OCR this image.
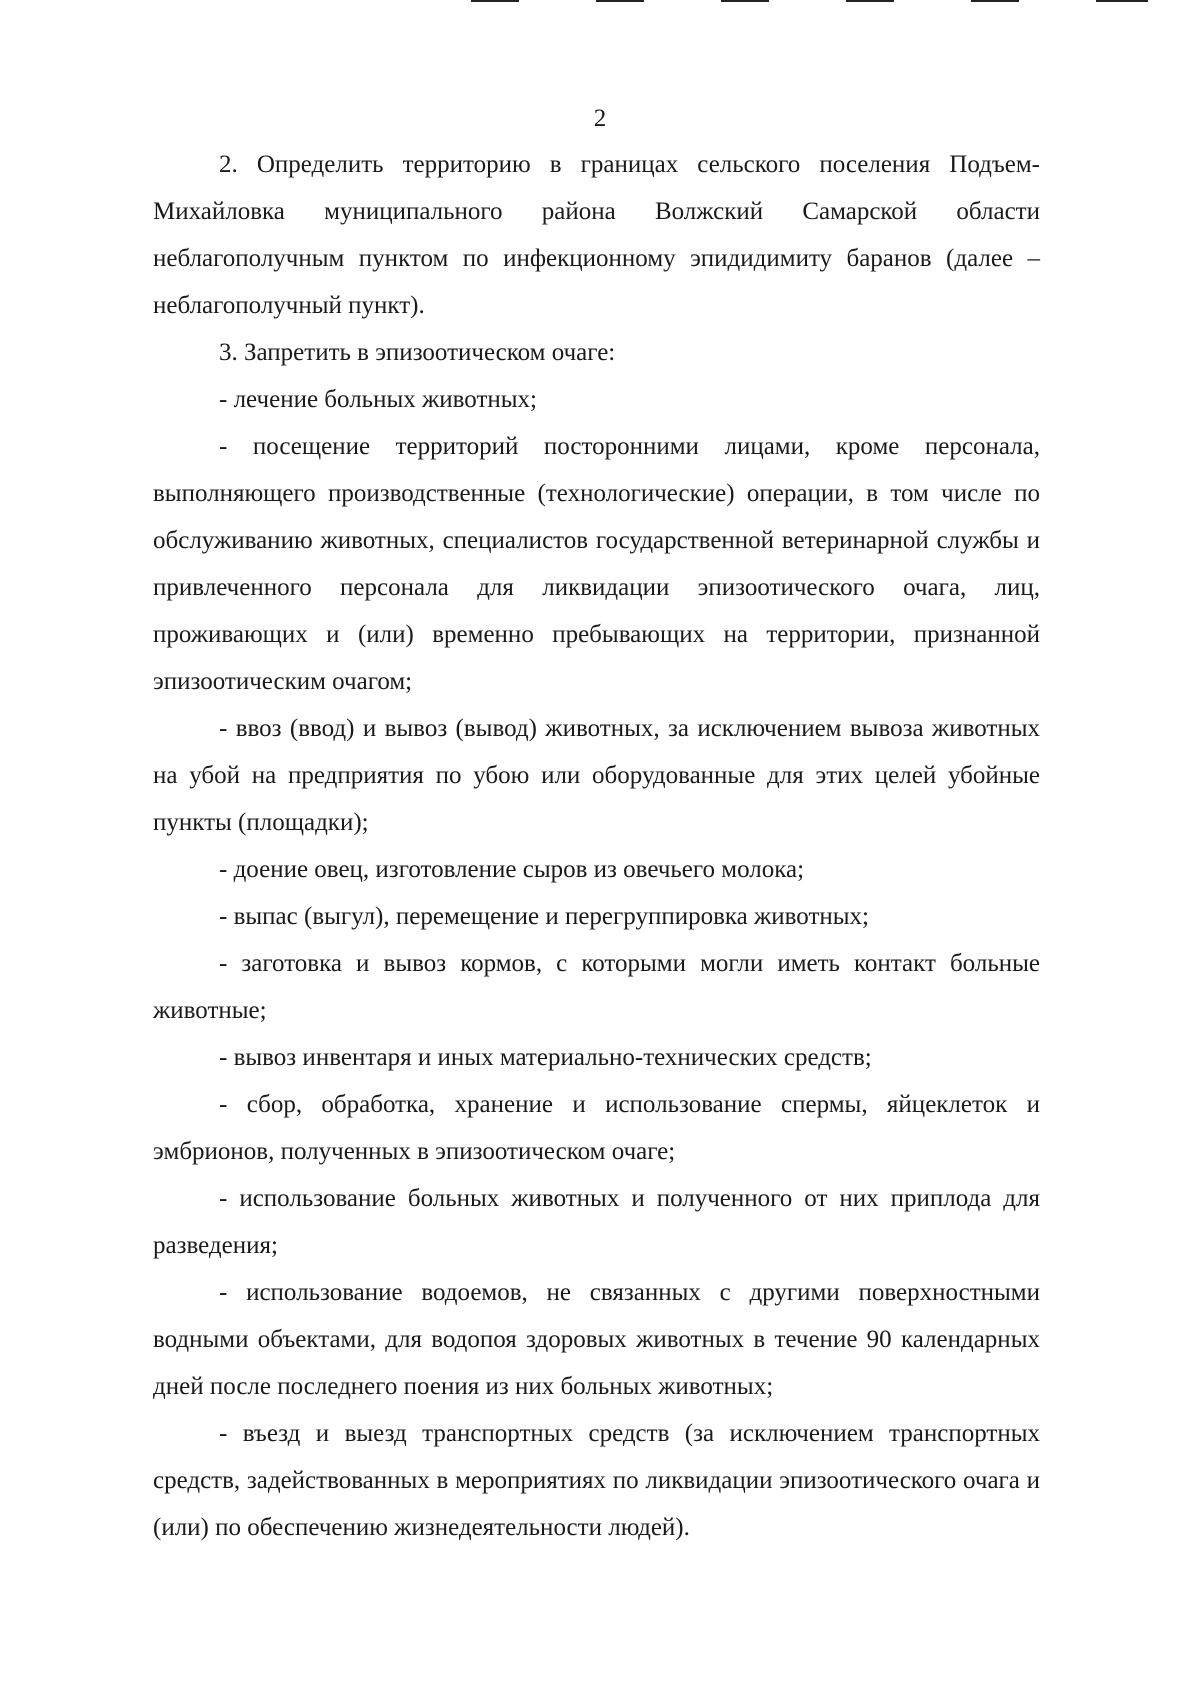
2

2. Определить территорию в границах сельского поселения Подъем-Михайловка муниципального района Волжский Самарской области неблагополучным пунктом по инфекционному эпидидимиту баранов (далее – неблагополучный пункт).

3. Запретить в эпизоотическом очаге:

- лечение больных животных;

- посещение территорий посторонними лицами, кроме персонала, выполняющего производственные (технологические) операции, в том числе по обслуживанию животных, специалистов государственной ветеринарной службы и привлеченного персонала для ликвидации эпизоотического очага, лиц, проживающих и (или) временно пребывающих на территории, признанной эпизоотическим очагом;

- ввоз (ввод) и вывоз (вывод) животных, за исключением вывоза животных на убой на предприятия по убою или оборудованные для этих целей убойные пункты (площадки);

- доение овец, изготовление сыров из овечьего молока;

- выпас (выгул), перемещение и перегруппировка животных;

- заготовка и вывоз кормов, с которыми могли иметь контакт больные животные;

- вывоз инвентаря и иных материально-технических средств;

- сбор, обработка, хранение и использование спермы, яйцеклеток и эмбрионов, полученных в эпизоотическом очаге;

- использование больных животных и полученного от них приплода для разведения;

- использование водоемов, не связанных с другими поверхностными водными объектами, для водопоя здоровых животных в течение 90 календарных дней после последнего поения из них больных животных;

- въезд и выезд транспортных средств (за исключением транспортных средств, задействованных в мероприятиях по ликвидации эпизоотического очага и (или) по обеспечению жизнедеятельности людей).
